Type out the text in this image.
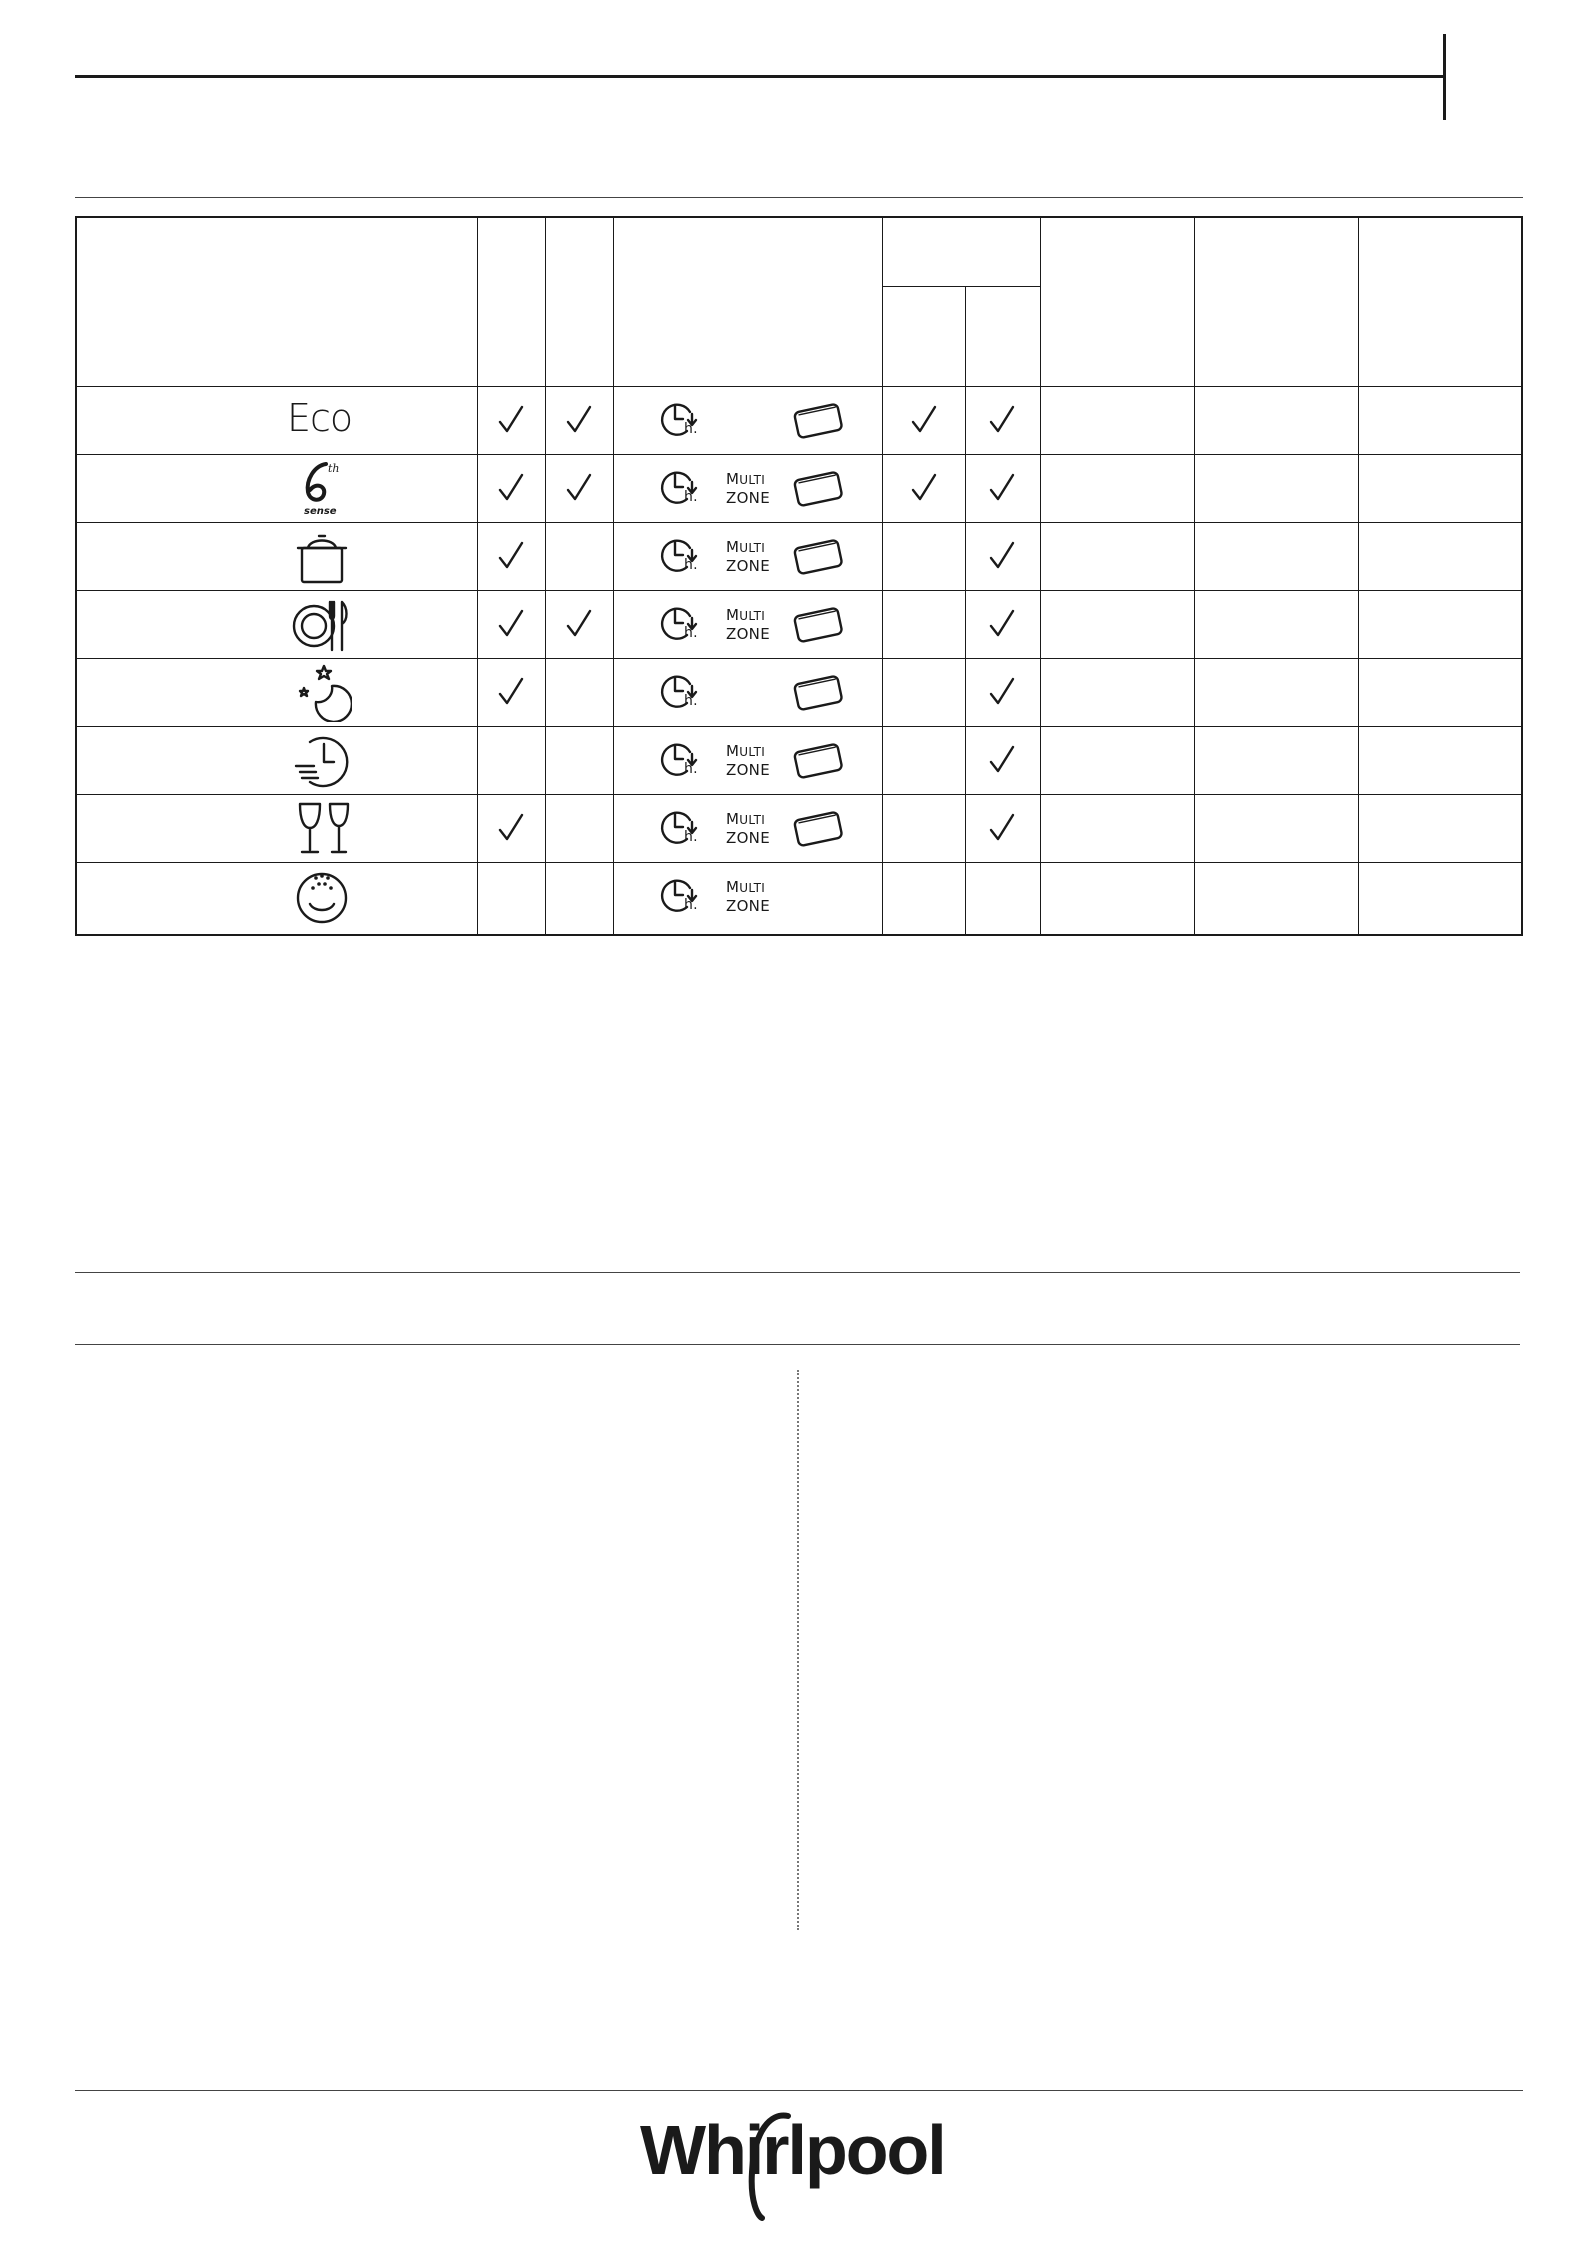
Eco	h.
th
sense
h.
MULTI
ZONE
h.
MULTI
ZONE
h.
MULTI
ZONE
h.
h.
MULTI
ZONE
h.
MULTI
ZONE
h.
MULTI
ZONE
Whirlpool
